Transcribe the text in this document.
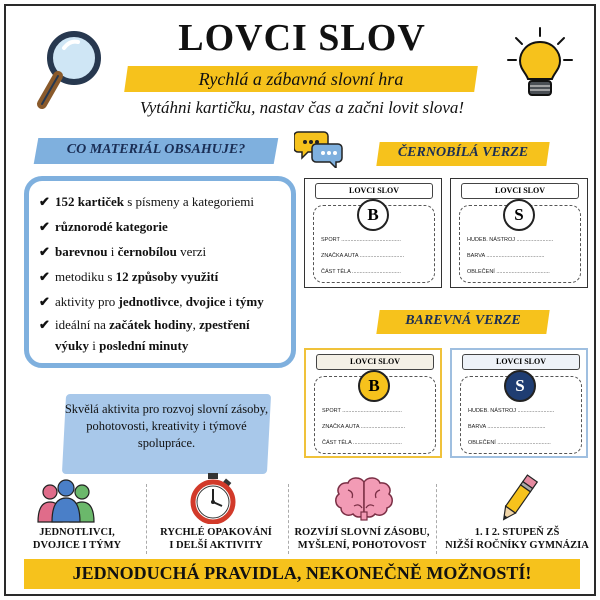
LOVCI SLOV
Rychlá a zábavná slovní hra
Vytáhni kartičku, nastav čas a začni lovit slova!
CO MATERIÁL OBSAHUJE?
✔ 152 kartiček s písmeny a kategoriemi
✔ různorodé kategorie
✔ barevnou i černobílou verzi
✔ metodiku s 12 způsoby využití
✔ aktivity pro jednotlivce, dvojice i týmy
✔ ideální na začátek hodiny, zpestření výuky i poslední minuty
Skvělá aktivita pro rozvoj slovní zásoby, pohotovosti, kreativity i týmové spolupráce.
ČERNOBÍLÁ VERZE
BAREVNÁ VERZE
LOVCI SLOV
B
SPORT .......................................
ZNAČKA AUTA .............................
ČÁST TĚLA ................................
LOVCI SLOV
S
HUDEB. NÁSTROJ ........................
BARVA ......................................
OBLEČENÍ ...................................
LOVCI SLOV
B
SPORT .......................................
ZNAČKA AUTA .............................
ČÁST TĚLA ................................
LOVCI SLOV
S
HUDEB. NÁSTROJ ........................
BARVA ......................................
OBLEČENÍ ...................................
JEDNOTLIVCI,
DVOJICE I TÝMY
RYCHLÉ OPAKOVÁNÍ
I DELŠÍ AKTIVITY
ROZVÍJÍ SLOVNÍ ZÁSOBU,
MYŠLENÍ, POHOTOVOST
1. I 2. STUPEŇ ZŠ
NIŽŠÍ ROČNÍKY GYMNÁZIA
JEDNODUCHÁ PRAVIDLA, NEKONEČNĚ MOŽNOSTÍ!
